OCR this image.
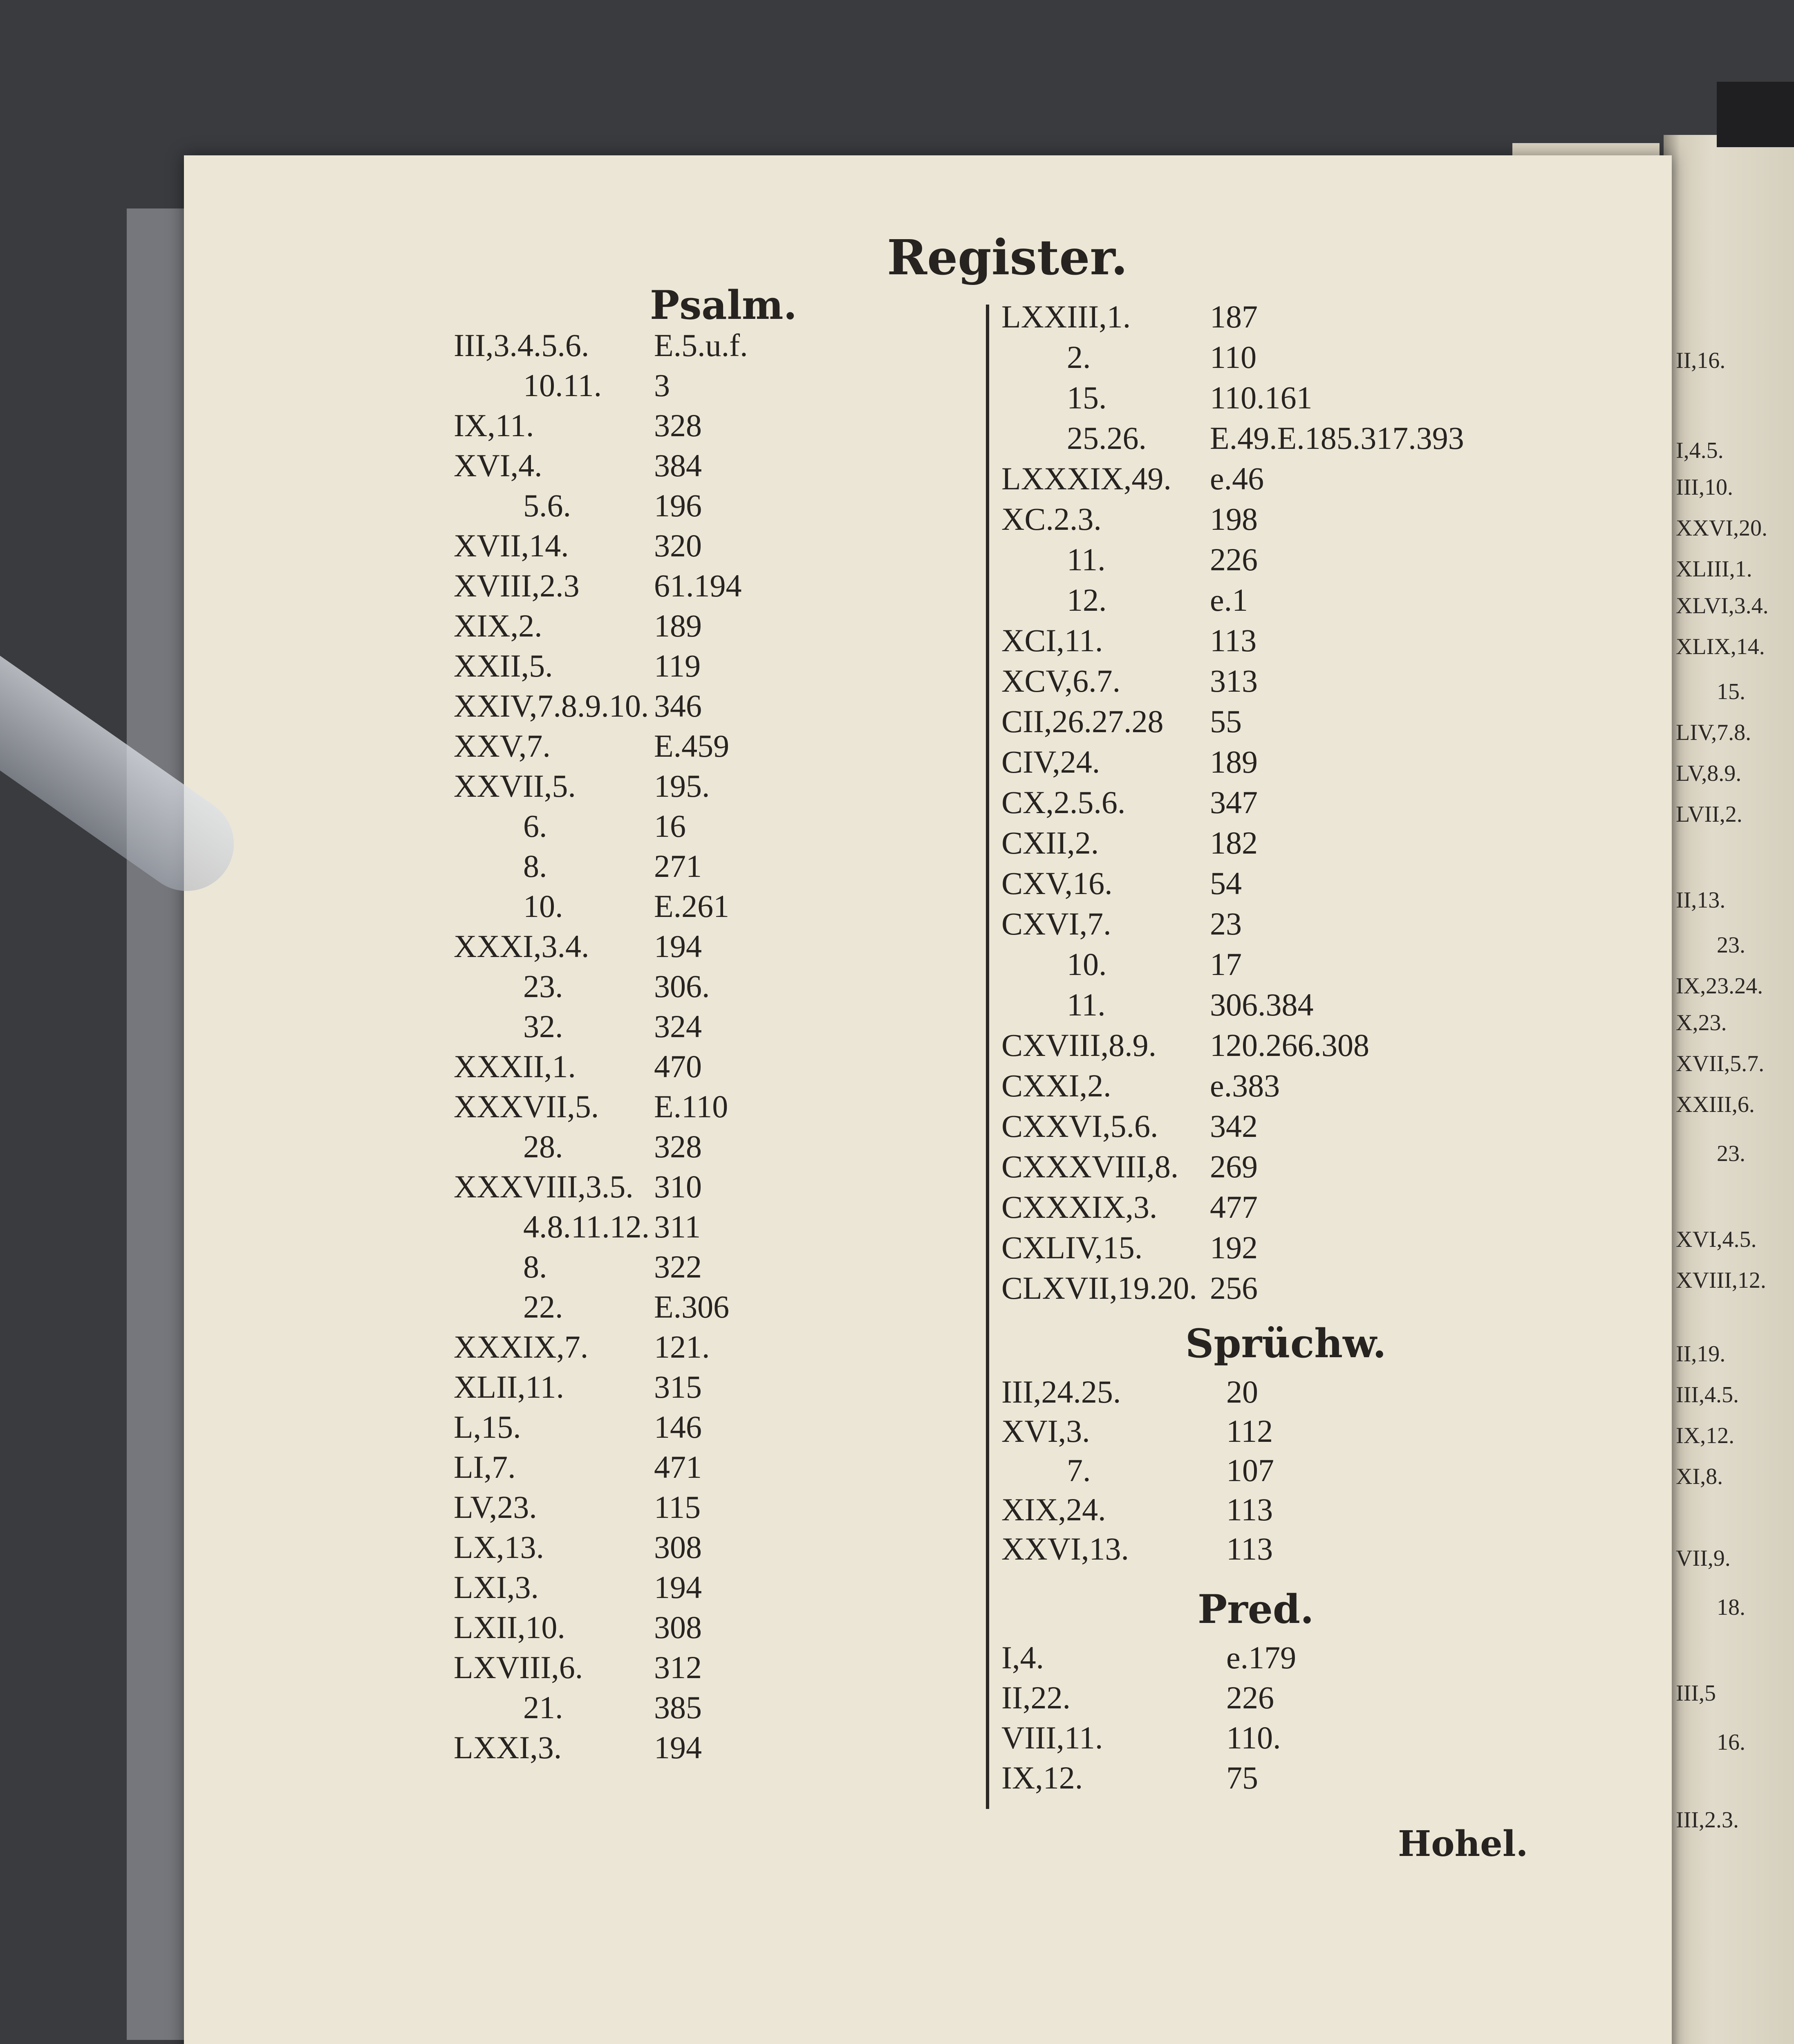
Register.
Psalm.
Sprüchw.
Pred.
Hohel.
III,3.4.5.6. E.5.u.f.
10.11. 3
IX,11.	328
XVI,4.	384
5.6.	196
XVII,14.	320
XVIII,2.3 61.194
XIX,2.	189
XXII,5.	119
XXIV,7.8.9.10. 346
XXV,7.	E.459
XXVII,5. 195.
6.	16
8.	271
10.	E.261
XXXI,3.4. 194
23.	306.
32.	324
XXXII,1. 470
XXXVII,5. E.110
28.	328
XXXVIII,3.5. 310
4.8.11.12. 311
8.	322
22.	E.306
XXXIX,7. 121.
XLII,11.	315
L,15.	146
LI,7.	471
LV,23.	115
LX,13.	308
LXI,3.	194
LXII,10.	308
LXVIII,6. 312
21.	385
LXXI,3.	194
LXXIII,1. 187
2.	110
15.	110.161
25.26. E.49.E.185.317.393
LXXXIX,49. e.46
XC.2.3.	198
11.	226
12.	e.1
XCI,11.	113
XCV,6.7.	313
CII,26.27.28 55
CIV,24.	189
CX,2.5.6.	347
CXII,2.	182
CXV,16.	54
CXVI,7.	23
10.	17
11.	306.384
CXVIII,8.9. 120.266.308
CXXI,2.	e.383
CXXVI,5.6. 342
CXXXVIII,8. 269
CXXXIX,3. 477
CXLIV,15. 192
CLXVII,19.20. 256
III,24.25.	20
XVI,3.	112
7.	107
XIX,24.	113
XXVI,13.	113
I,4.	e.179
II,22.	226
VIII,11.	110.
IX,12.	75
II,16.
I,4.5.
III,10.
XXVI,20.
XLIII,1.
XLVI,3.4.
XLIX,14.
15.
LIV,7.8.
LV,8.9.
LVII,2.
II,13.
23.
IX,23.24.
X,23.
XVII,5.7.
XXIII,6.
23.
XVI,4.5.
XVIII,12.
II,19.
III,4.5.
IX,12.
XI,8.
VII,9.
18.
III,5
16.
III,2.3.
